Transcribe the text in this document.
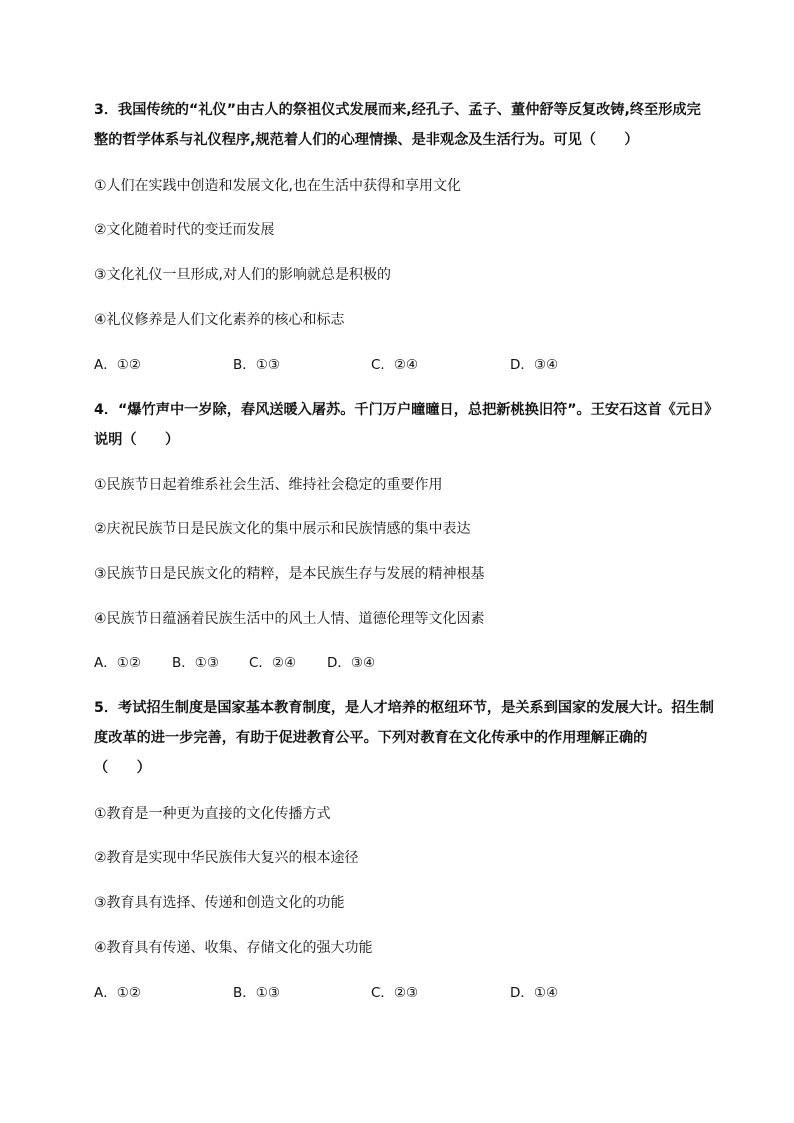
3．我国传统的“礼仪”由古人的祭祖仪式发展而来,经孔子、孟子、董仲舒等反复改铸,终至形成完
整的哲学体系与礼仪程序,规范着人们的心理情操、是非观念及生活行为。可见（　　）
①人们在实践中创造和发展文化,也在生活中获得和享用文化
②文化随着时代的变迁而发展
③文化礼仪一旦形成,对人们的影响就总是积极的
④礼仪修养是人们文化素养的核心和标志
A．①②	B．①③	C．②④	D．③④
4．“爆竹声中一岁除，春风送暖入屠苏。千门万户曈曈日，总把新桃换旧符”。王安石这首《元日》
说明（　　）
①民族节日起着维系社会生活、维持社会稳定的重要作用
②庆祝民族节日是民族文化的集中展示和民族情感的集中表达
③民族节日是民族文化的精粹，是本民族生存与发展的精神根基
④民族节日蕴涵着民族生活中的风土人情、道德伦理等文化因素
A．①② B．①③ C．②④ D．③④
5．考试招生制度是国家基本教育制度，是人才培养的枢纽环节，是关系到国家的发展大计。招生制
度改革的进一步完善，有助于促进教育公平。下列对教育在文化传承中的作用理解正确的
（　　）
①教育是一种更为直接的文化传播方式
②教育是实现中华民族伟大复兴的根本途径
③教育具有选择、传递和创造文化的功能
④教育具有传递、收集、存储文化的强大功能
A．①②	B．①③	C．②③	D．①④
